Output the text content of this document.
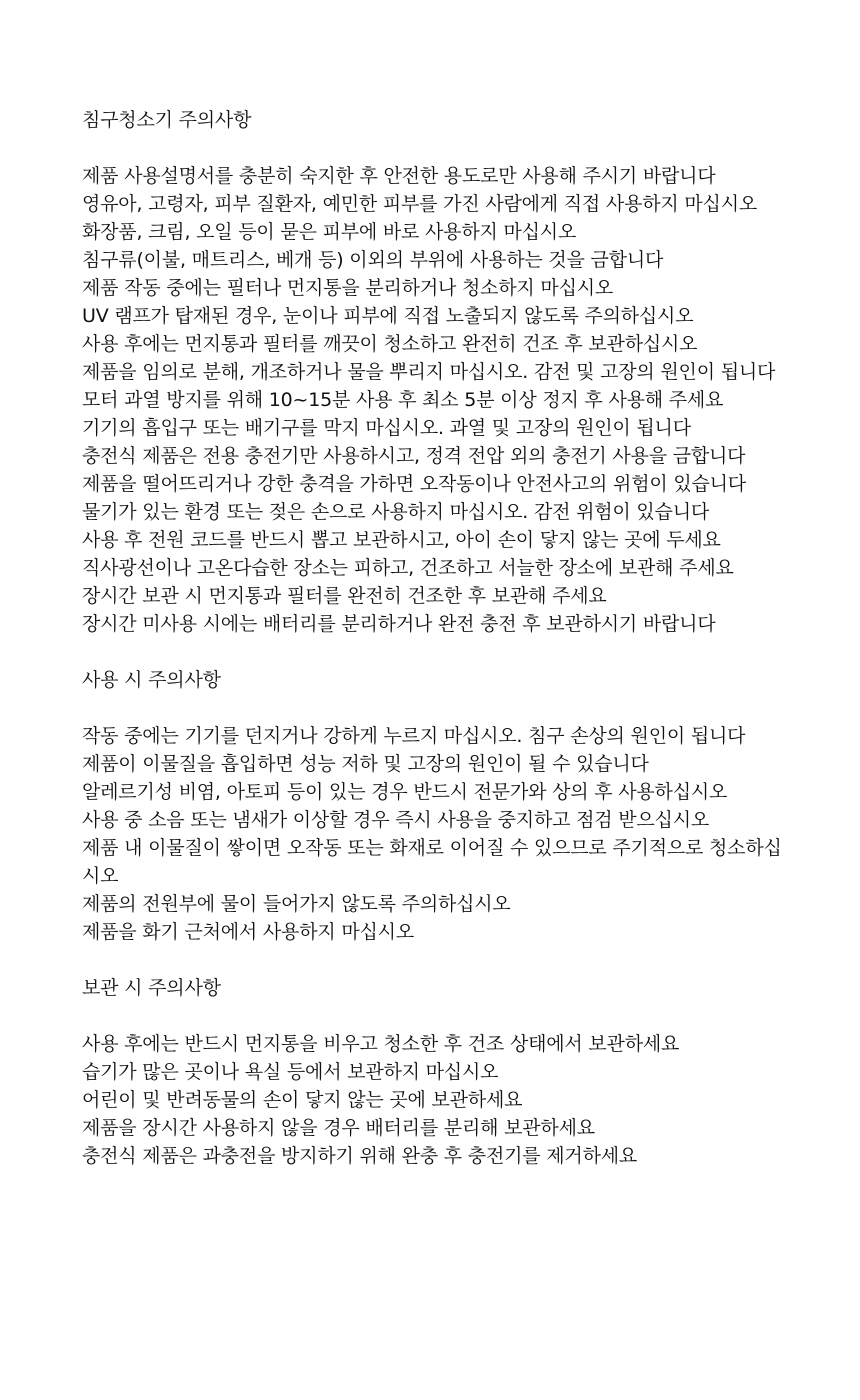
침구청소기 주의사항
제품 사용설명서를 충분히 숙지한 후 안전한 용도로만 사용해 주시기 바랍니다
영유아, 고령자, 피부 질환자, 예민한 피부를 가진 사람에게 직접 사용하지 마십시오
화장품, 크림, 오일 등이 묻은 피부에 바로 사용하지 마십시오
침구류(이불, 매트리스, 베개 등) 이외의 부위에 사용하는 것을 금합니다
제품 작동 중에는 필터나 먼지통을 분리하거나 청소하지 마십시오
UV 램프가 탑재된 경우, 눈이나 피부에 직접 노출되지 않도록 주의하십시오
사용 후에는 먼지통과 필터를 깨끗이 청소하고 완전히 건조 후 보관하십시오
제품을 임의로 분해, 개조하거나 물을 뿌리지 마십시오. 감전 및 고장의 원인이 됩니다
모터 과열 방지를 위해 10~15분 사용 후 최소 5분 이상 정지 후 사용해 주세요
기기의 흡입구 또는 배기구를 막지 마십시오. 과열 및 고장의 원인이 됩니다
충전식 제품은 전용 충전기만 사용하시고, 정격 전압 외의 충전기 사용을 금합니다
제품을 떨어뜨리거나 강한 충격을 가하면 오작동이나 안전사고의 위험이 있습니다
물기가 있는 환경 또는 젖은 손으로 사용하지 마십시오. 감전 위험이 있습니다
사용 후 전원 코드를 반드시 뽑고 보관하시고, 아이 손이 닿지 않는 곳에 두세요
직사광선이나 고온다습한 장소는 피하고, 건조하고 서늘한 장소에 보관해 주세요
장시간 보관 시 먼지통과 필터를 완전히 건조한 후 보관해 주세요
장시간 미사용 시에는 배터리를 분리하거나 완전 충전 후 보관하시기 바랍니다
사용 시 주의사항
작동 중에는 기기를 던지거나 강하게 누르지 마십시오. 침구 손상의 원인이 됩니다
제품이 이물질을 흡입하면 성능 저하 및 고장의 원인이 될 수 있습니다
알레르기성 비염, 아토피 등이 있는 경우 반드시 전문가와 상의 후 사용하십시오
사용 중 소음 또는 냄새가 이상할 경우 즉시 사용을 중지하고 점검 받으십시오
제품 내 이물질이 쌓이면 오작동 또는 화재로 이어질 수 있으므로 주기적으로 청소하십시오
제품의 전원부에 물이 들어가지 않도록 주의하십시오
제품을 화기 근처에서 사용하지 마십시오
보관 시 주의사항
사용 후에는 반드시 먼지통을 비우고 청소한 후 건조 상태에서 보관하세요
습기가 많은 곳이나 욕실 등에서 보관하지 마십시오
어린이 및 반려동물의 손이 닿지 않는 곳에 보관하세요
제품을 장시간 사용하지 않을 경우 배터리를 분리해 보관하세요
충전식 제품은 과충전을 방지하기 위해 완충 후 충전기를 제거하세요
